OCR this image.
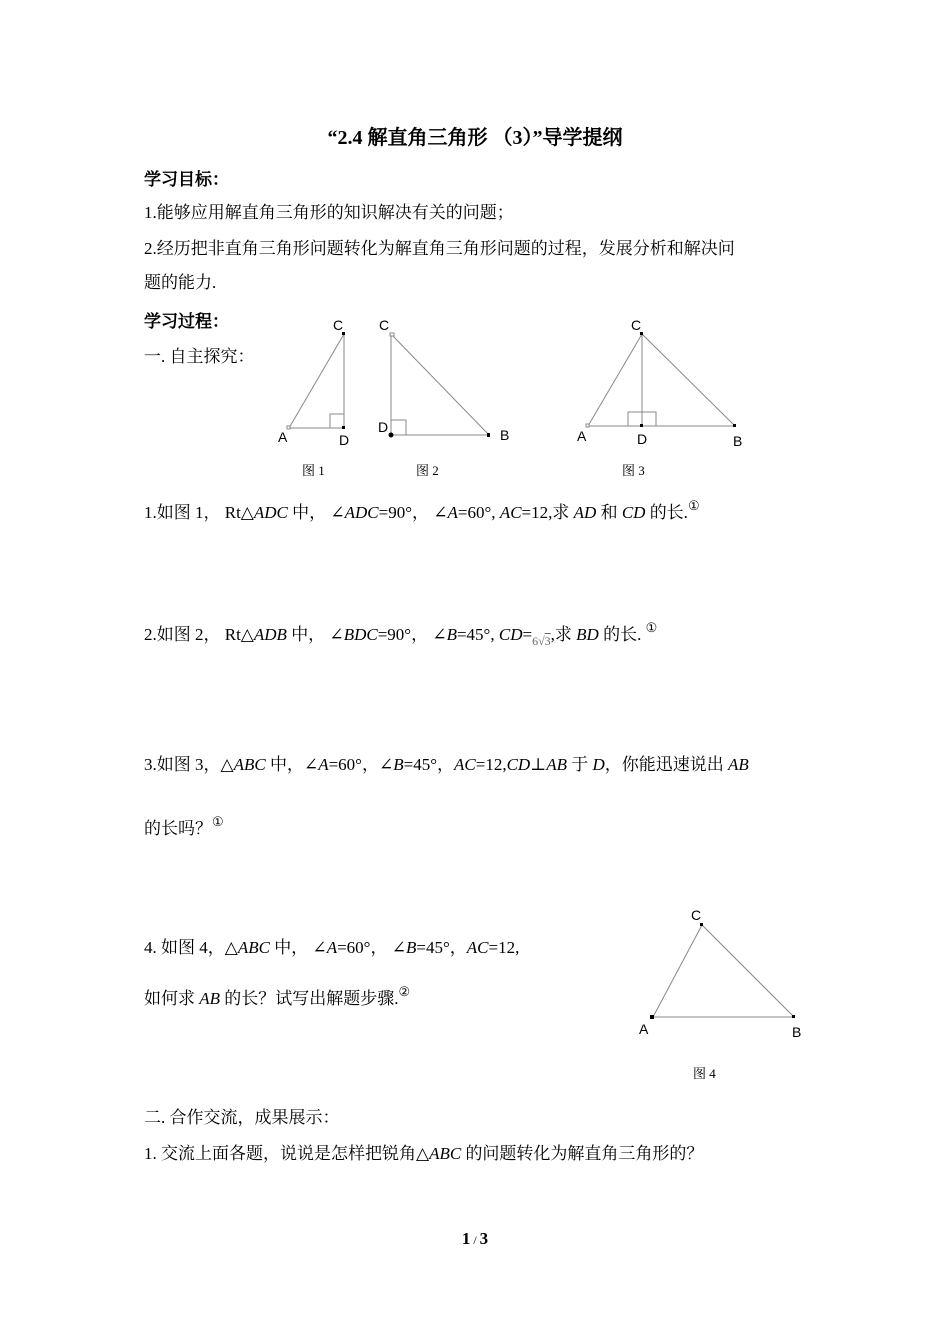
“2.4 解直角三角形 （3）”导学提纲
学习目标：
1.能够应用解直角三角形的知识解决有关的问题；
2.经历把非直角三角形问题转化为解直角三角形问题的过程，发展分析和解决问
题的能力.
学习过程：
一. 自主探究：
C
A	D
图 1
C
D	B
图 2
C
A	D	B
图 3
C
A	B
图 4
1.如图 1， Rt△ADC 中， ∠ADC=90°， ∠A=60°, AC=12,求 AD 和 CD 的长.①
2.如图 2， Rt△ADB 中， ∠BDC=90°， ∠B=45°, $CD=_{6√3}$,求 BD 的长. ①
3.如图 3，△ABC 中，∠A=60°，∠B=45°，AC=12,CD⊥AB 于 D，你能迅速说出 AB
的长吗？①
4. 如图 4，△ABC 中， ∠A=60°， ∠B=45°，AC=12,
如何求 AB 的长？试写出解题步骤.②
二. 合作交流，成果展示：
1. 交流上面各题，说说是怎样把锐角△ABC 的问题转化为解直角三角形的？
1 / 3
